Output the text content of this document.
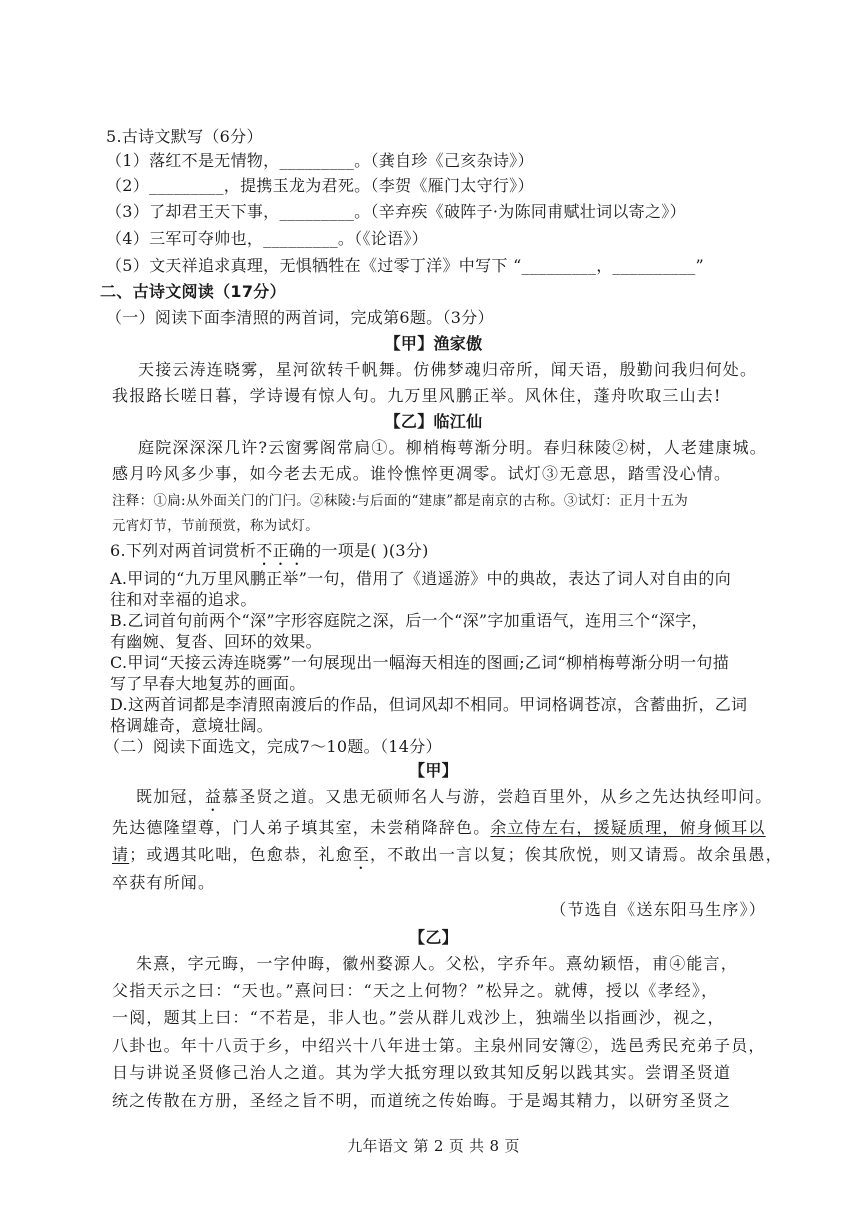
5.古诗文默写（6分）
（1）落红不是无情物，_________。（龚自珍《己亥杂诗》）
（2）_________，提携玉龙为君死。（李贺《雁门太守行》）
（3）了却君王天下事，_________。（辛弃疾《破阵子·为陈同甫赋壮词以寄之》）
（4）三军可夺帅也，_________。（《论语》）
（5）文天祥追求真理，无惧牺牲在《过零丁洋》中写下 “_________，__________”
二、古诗文阅读（17分）
（一）阅读下面李清照的两首词，完成第6题。（3分）
【甲】渔家傲
天接云涛连晓雾，星河欲转千帆舞。仿佛梦魂归帝所，闻天语，殷勤问我归何处。
我报路长嗟日暮，学诗谩有惊人句。九万里风鹏正举。风休住，蓬舟吹取三山去!
【乙】临江仙
庭院深深深几许?云窗雾阁常扃①。柳梢梅萼渐分明。春归秣陵②树，人老建康城。
感月吟风多少事，如今老去无成。谁怜憔悴更凋零。试灯③无意思，踏雪没心情。
注释：①扃:从外面关门的门闩。②秣陵:与后面的“建康”都是南京的古称。③试灯：正月十五为
元宵灯节，节前预赏，称为试灯。
6.下列对两首词赏析不正确的一项是( )(3分)
A.甲词的“九万里风鹏正举”一句，借用了《逍遥游》中的典故，表达了词人对自由的向
往和对幸福的追求。
B.乙词首句前两个“深”字形容庭院之深，后一个“深”字加重语气，连用三个“深字，
有幽婉、复沓、回环的效果。
C.甲词“天接云涛连晓雾”一句展现出一幅海天相连的图画;乙词“柳梢梅萼渐分明一句描
写了早春大地复苏的画面。
D.这两首词都是李清照南渡后的作品，但词风却不相同。甲词格调苍凉，含蓄曲折，乙词
格调雄奇，意境壮阔。
（二）阅读下面选文，完成7～10题。（14分）
【甲】
既加冠，益慕圣贤之道。又患无硕师名人与游，尝趋百里外，从乡之先达执经叩问。
先达德隆望尊，门人弟子填其室，未尝稍降辞色。余立侍左右，援疑质理，俯身倾耳以
请；或遇其叱咄，色愈恭，礼愈至，不敢出一言以复；俟其欣悦，则又请焉。故余虽愚，
卒获有所闻。
（节选自《送东阳马生序》）
【乙】
朱熹，字元晦，一字仲晦，徽州婺源人。父松，字乔年。熹幼颖悟，甫④能言，
父指天示之曰：“天也。”熹问曰：“天之上何物？”松异之。就傅，授以《孝经》，
一阅，题其上曰：“不若是，非人也。”尝从群儿戏沙上，独端坐以指画沙，视之，
八卦也。年十八贡于乡，中绍兴十八年进士第。主泉州同安簿②，选邑秀民充弟子员，
日与讲说圣贤修己治人之道。其为学大抵穷理以致其知反躬以践其实。尝谓圣贤道
统之传散在方册，圣经之旨不明，而道统之传始晦。于是竭其精力，以研穷圣贤之
九年语文 第 2 页 共 8 页
